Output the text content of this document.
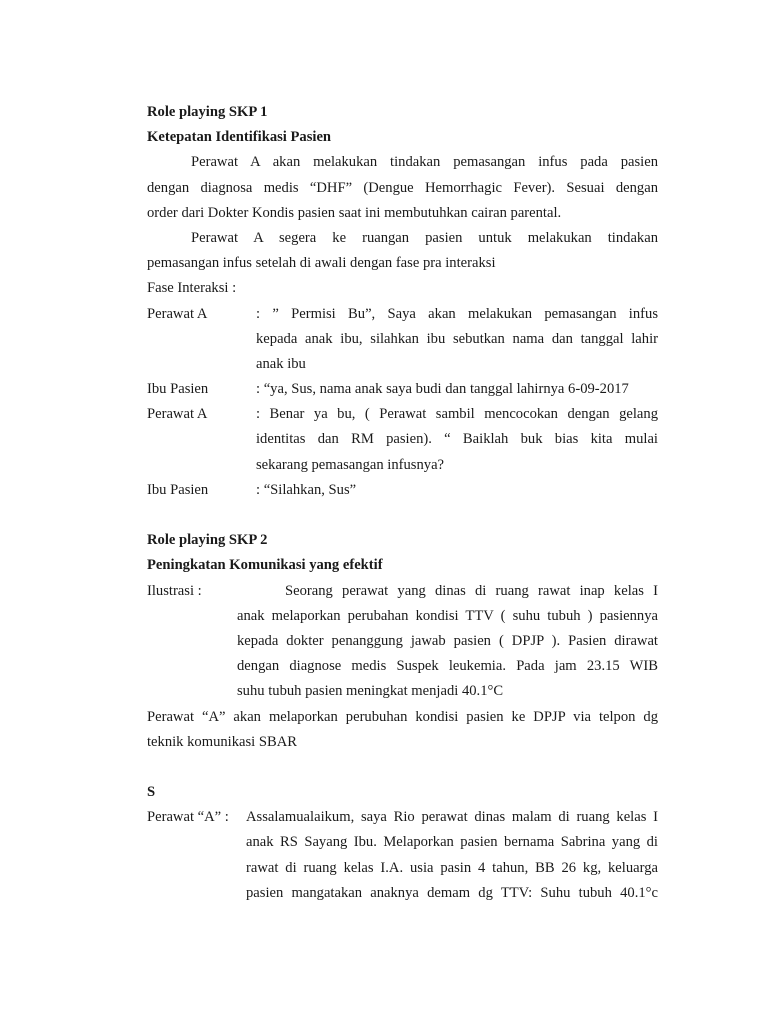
Role playing SKP 1
Ketepatan Identifikasi Pasien
Perawat A akan melakukan tindakan pemasangan infus pada pasien
dengan diagnosa medis “DHF” (Dengue Hemorrhagic Fever). Sesuai dengan
order dari Dokter Kondis pasien saat ini membutuhkan cairan parental.
Perawat A segera ke ruangan pasien untuk melakukan tindakan
pemasangan infus setelah di awali dengan fase pra interaksi
Fase Interaksi :
Perawat A	: ” Permisi Bu”, Saya akan melakukan pemasangan infus
kepada anak ibu, silahkan ibu sebutkan nama dan tanggal lahir
anak ibu
Ibu Pasien	: “ya, Sus, nama anak saya budi dan tanggal lahirnya 6-09-2017
Perawat A	: Benar ya bu, ( Perawat sambil mencocokan dengan gelang
identitas dan RM pasien). “ Baiklah buk bias kita mulai
sekarang pemasangan infusnya?
Ibu Pasien	: “Silahkan, Sus”
Role playing SKP 2
Peningkatan Komunikasi yang efektif
Ilustrasi :	Seorang perawat yang dinas di ruang rawat inap kelas I
anak melaporkan perubahan kondisi TTV ( suhu tubuh ) pasiennya
kepada dokter penanggung jawab pasien ( DPJP ). Pasien dirawat
dengan diagnose medis Suspek leukemia. Pada jam 23.15 WIB
suhu tubuh pasien meningkat menjadi 40.1°C
Perawat “A” akan melaporkan perubuhan kondisi pasien ke DPJP via telpon dg
teknik komunikasi SBAR
S
Perawat “A” :	Assalamualaikum, saya Rio perawat dinas malam di ruang kelas I
anak RS Sayang Ibu. Melaporkan pasien bernama Sabrina yang di
rawat di ruang kelas I.A. usia pasin 4 tahun, BB 26 kg, keluarga
pasien mangatakan anaknya demam dg TTV: Suhu tubuh 40.1°c
